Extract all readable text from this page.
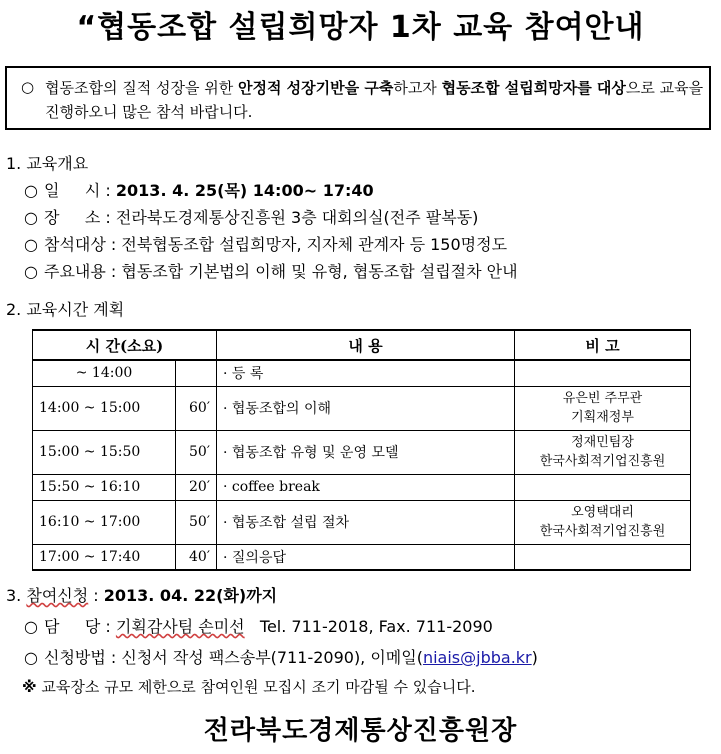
“협동조합 설립희망자 1차 교육 참여안내
○ 협동조합의 질적 성장을 위한 안정적 성장기반을 구축하고자 협동조합 설립희망자를 대상으로 교육을 진행하오니 많은 참석 바랍니다.
1. 교육개요
○ 일     시 : 2013. 4. 25(목) 14:00~ 17:40
○ 장     소 : 전라북도경제통상진흥원 3층 대회의실(전주 팔복동)
○ 참석대상 : 전북협동조합 설립희망자, 지자체 관계자 등 150명정도
○ 주요내용 : 협동조합 기본법의 이해 및 유형, 협동조합 설립절차 안내
2. 교육시간 계획
시 간(소요)		내 용	비 고
~ 14:00		· 등 록	
14:00 ~ 15:00	60′	· 협동조합의 이해	유은빈 주무관
기획재정부

15:00 ~ 15:50	50′	· 협동조합 유형 및 운영 모델	정재민팀장
한국사회적기업진흥원

15:50 ~ 16:10	20′	· coffee break	
16:10 ~ 17:00	50′	· 협동조합 설립 절차	오영택대리
한국사회적기업진흥원

17:00 ~ 17:40	40′	· 질의응답	
3. 참여신청 : 2013. 04. 22(화)까지
○ 담     당 : 기획감사팀 손미선   Tel. 711-2018, Fax. 711-2090
○ 신청방법 : 신청서 작성 팩스송부(711-2090), 이메일(niais@jbba.kr)
※ 교육장소 규모 제한으로 참여인원 모집시 조기 마감될 수 있습니다.
전라북도경제통상진흥원장
